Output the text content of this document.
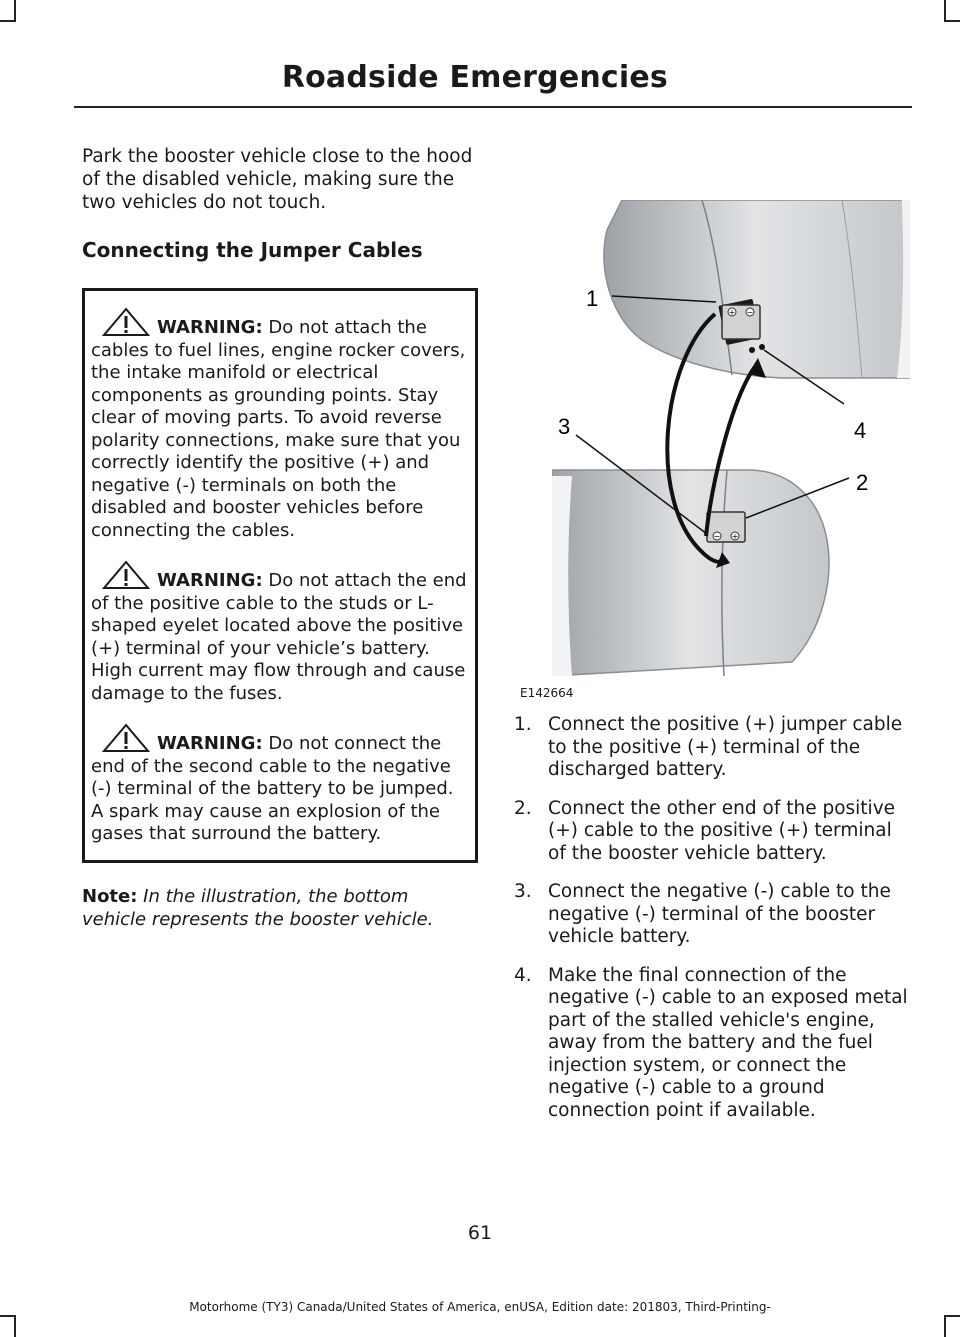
Roadside Emergencies

Park the booster vehicle close to the hood of the disabled vehicle, making sure the two vehicles do not touch.

Connecting the Jumper Cables

WARNING: Do not attach the cables to fuel lines, engine rocker covers, the intake manifold or electrical components as grounding points. Stay clear of moving parts. To avoid reverse polarity connections, make sure that you correctly identify the positive (+) and negative (-) terminals on both the disabled and booster vehicles before connecting the cables.

WARNING: Do not attach the end of the positive cable to the studs or L-shaped eyelet located above the positive (+) terminal of your vehicle’s battery. High current may flow through and cause damage to the fuses.

WARNING: Do not connect the end of the second cable to the negative (-) terminal of the battery to be jumped. A spark may cause an explosion of the gases that surround the battery.

Note: In the illustration, the bottom vehicle represents the booster vehicle.

+ −
− +
1
2
3	4
E142664
1. Connect the positive (+) jumper cable to the positive (+) terminal of the discharged battery.
2. Connect the other end of the positive (+) cable to the positive (+) terminal of the booster vehicle battery.
3. Connect the negative (-) cable to the negative (-) terminal of the booster vehicle battery.
4. Make the final connection of the negative (-) cable to an exposed metal part of the stalled vehicle's engine, away from the battery and the fuel injection system, or connect the negative (-) cable to a ground connection point if available.
61
Motorhome (TY3) Canada/United States of America, enUSA, Edition date: 201803, Third-Printing-
